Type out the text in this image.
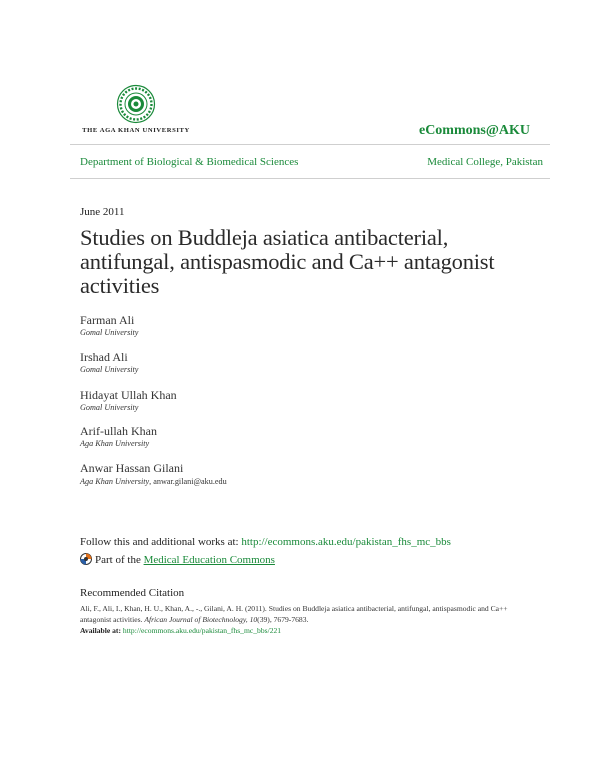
THE AGA KHAN UNIVERSITY	eCommons@AKU
Department of Biological & Biomedical Sciences	Medical College, Pakistan
June 2011
Studies on Buddleja asiatica antibacterial, antifungal, antispasmodic and Ca++ antagonist activities
Farman Ali
Gomal University
Irshad Ali
Gomal University
Hidayat Ullah Khan
Gomal University
Arif-ullah Khan
Aga Khan University
Anwar Hassan Gilani
Aga Khan University, anwar.gilani@aku.edu
Follow this and additional works at: http://ecommons.aku.edu/pakistan_fhs_mc_bbs
Part of the Medical Education Commons
Recommended Citation
Ali, F., Ali, I., Khan, H. U., Khan, A., -., Gilani, A. H. (2011). Studies on Buddleja asiatica antibacterial, antifungal, antispasmodic and Ca++ antagonist activities. African Journal of Biotechnology, 10(39), 7679-7683.
Available at: http://ecommons.aku.edu/pakistan_fhs_mc_bbs/221
